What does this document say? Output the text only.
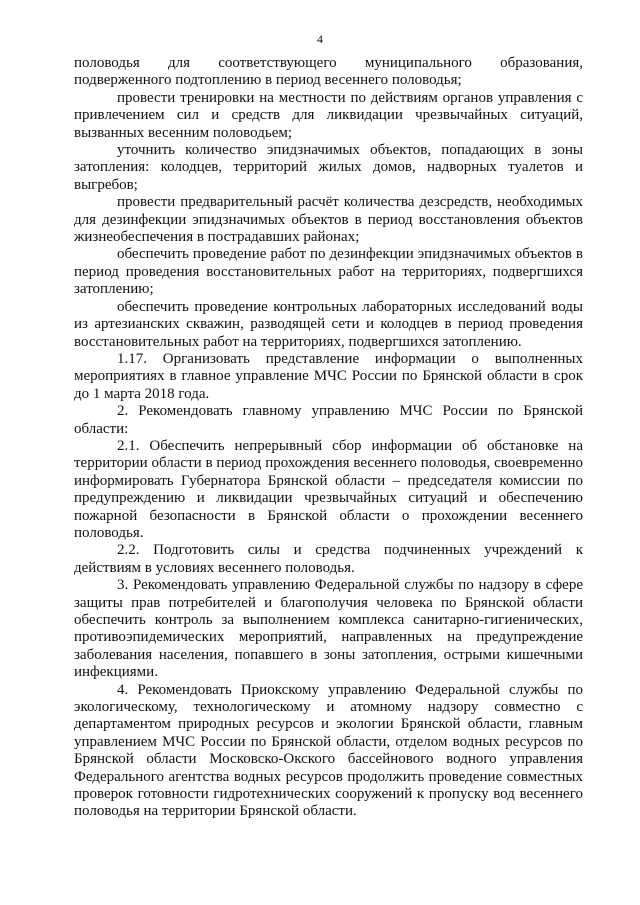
4

половодья для соответствующего муниципального образования, подверженного подтоплению в период весеннего половодья;

провести тренировки на местности по действиям органов управления с привлечением сил и средств для ликвидации чрезвычайных ситуаций, вызванных весенним половодьем;

уточнить количество эпидзначимых объектов, попадающих в зоны затопления: колодцев, территорий жилых домов, надворных туалетов и выгребов;

провести предварительный расчёт количества дезсредств, необходимых для дезинфекции эпидзначимых объектов в период восстановления объектов жизнеобеспечения в пострадавших районах;

обеспечить проведение работ по дезинфекции эпидзначимых объектов в период проведения восстановительных работ на территориях, подвергшихся затоплению;

обеспечить проведение контрольных лабораторных исследований воды из артезианских скважин, разводящей сети и колодцев в период проведения восстановительных работ на территориях, подвергшихся затоплению.

1.17. Организовать представление информации о выполненных мероприятиях в главное управление МЧС России по Брянской области в срок до 1 марта 2018 года.

2. Рекомендовать главному управлению МЧС России по Брянской области:

2.1. Обеспечить непрерывный сбор информации об обстановке на территории области в период прохождения весеннего половодья, своевременно информировать Губернатора Брянской области – председателя комиссии по предупреждению и ликвидации чрезвычайных ситуаций и обеспечению пожарной безопасности в Брянской области о прохождении весеннего половодья.

2.2. Подготовить силы и средства подчиненных учреждений к действиям в условиях весеннего половодья.

3. Рекомендовать управлению Федеральной службы по надзору в сфере защиты прав потребителей и благополучия человека по Брянской области обеспечить контроль за выполнением комплекса санитарно-гигиенических, противоэпидемических мероприятий, направленных на предупреждение заболевания населения, попавшего в зоны затопления, острыми кишечными инфекциями.

4. Рекомендовать Приокскому управлению Федеральной службы по экологическому, технологическому и атомному надзору совместно с департаментом природных ресурсов и экологии Брянской области, главным управлением МЧС России по Брянской области, отделом водных ресурсов по Брянской области Московско-Окского бассейнового водного управления Федерального агентства водных ресурсов продолжить проведение совместных проверок готовности гидротехнических сооружений к пропуску вод весеннего половодья на территории Брянской области.
